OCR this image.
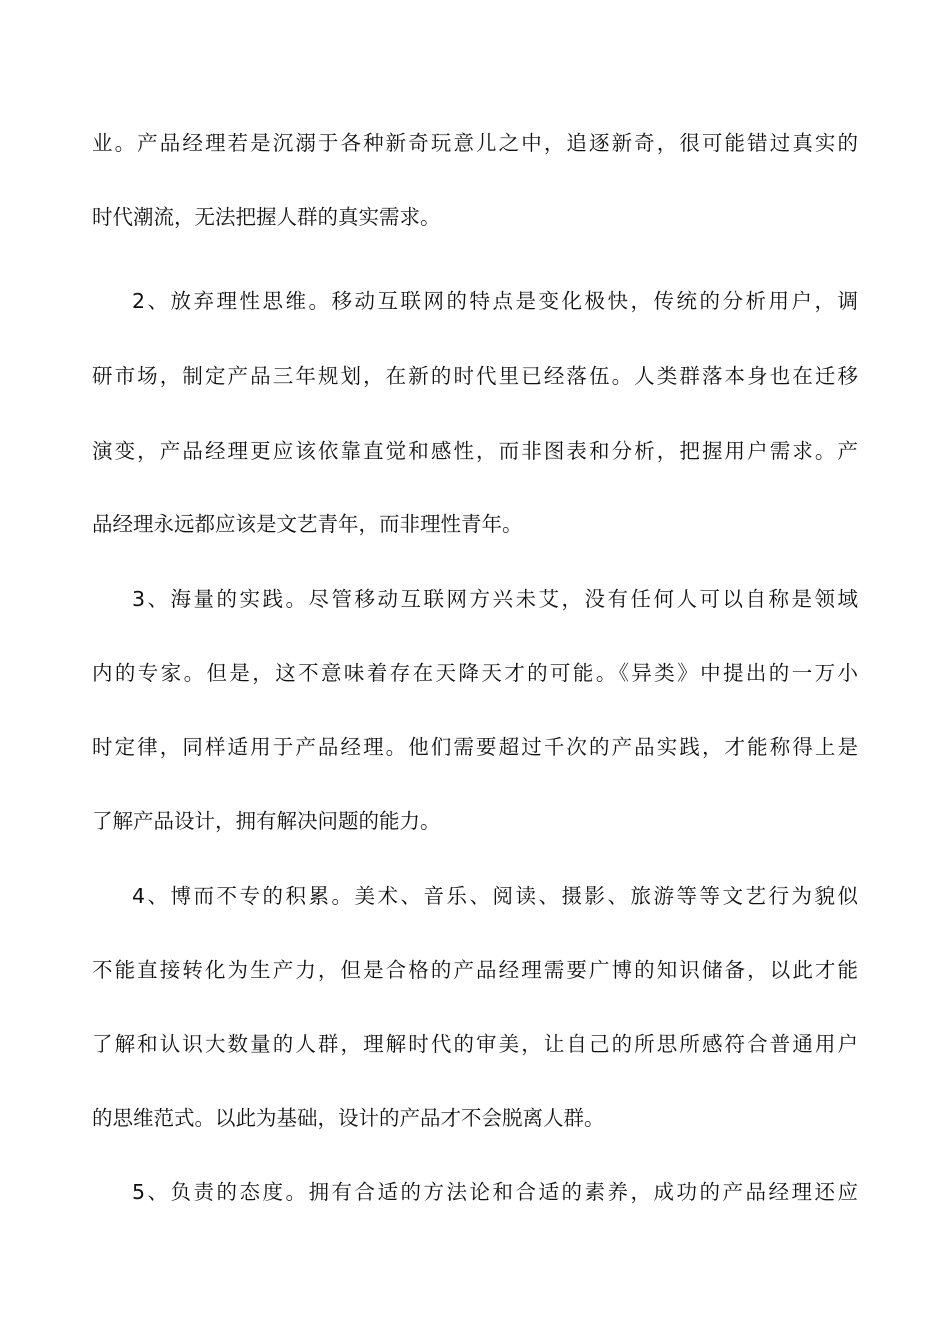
业。产品经理若是沉溺于各种新奇玩意儿之中，追逐新奇，很可能错过真实的
时代潮流，无法把握人群的真实需求。
2、放弃理性思维。移动互联网的特点是变化极快，传统的分析用户，调
研市场，制定产品三年规划，在新的时代里已经落伍。人类群落本身也在迁移
演变，产品经理更应该依靠直觉和感性，而非图表和分析，把握用户需求。产
品经理永远都应该是文艺青年，而非理性青年。
3、海量的实践。尽管移动互联网方兴未艾，没有任何人可以自称是领域
内的专家。但是，这不意味着存在天降天才的可能。《异类》中提出的一万小
时定律，同样适用于产品经理。他们需要超过千次的产品实践，才能称得上是
了解产品设计，拥有解决问题的能力。
4、博而不专的积累。美术、音乐、阅读、摄影、旅游等等文艺行为貌似
不能直接转化为生产力，但是合格的产品经理需要广博的知识储备，以此才能
了解和认识大数量的人群，理解时代的审美，让自己的所思所感符合普通用户
的思维范式。以此为基础，设计的产品才不会脱离人群。
5、负责的态度。拥有合适的方法论和合适的素养，成功的产品经理还应
